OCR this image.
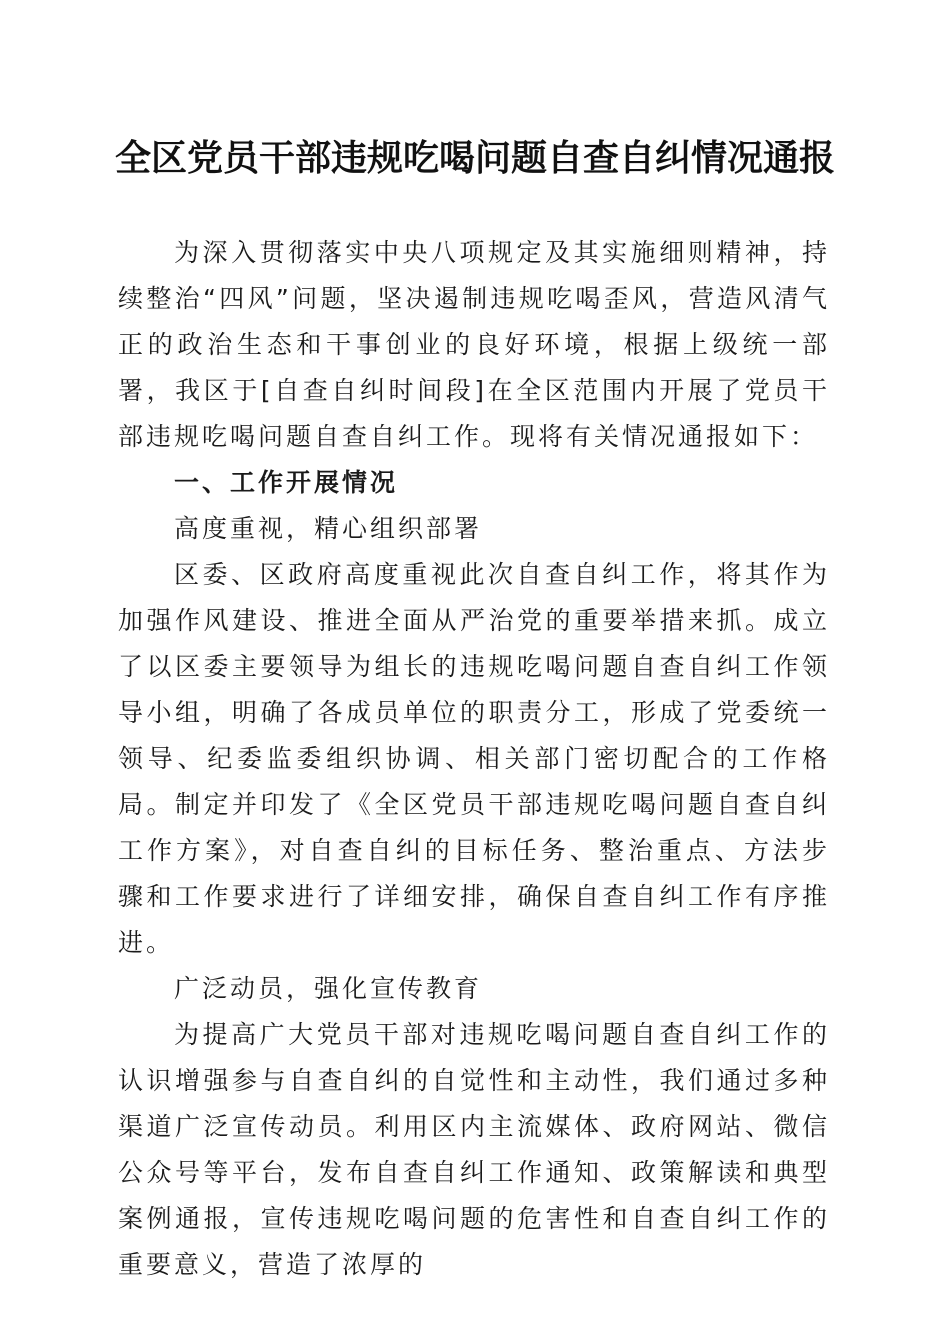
全区党员干部违规吃喝问题自查自纠情况通报

为深入贯彻落实中央八项规定及其实施细则精神，持续整治“四风”问题，坚决遏制违规吃喝歪风，营造风清气正的政治生态和干事创业的良好环境，根据上级统一部署，我区于[自查自纠时间段]在全区范围内开展了党员干部违规吃喝问题自查自纠工作。现将有关情况通报如下：

一、工作开展情况

高度重视，精心组织部署

区委、区政府高度重视此次自查自纠工作，将其作为加强作风建设、推进全面从严治党的重要举措来抓。成立了以区委主要领导为组长的违规吃喝问题自查自纠工作领导小组，明确了各成员单位的职责分工，形成了党委统一领导、纪委监委组织协调、相关部门密切配合的工作格局。制定并印发了《全区党员干部违规吃喝问题自查自纠工作方案》，对自查自纠的目标任务、整治重点、方法步骤和工作要求进行了详细安排，确保自查自纠工作有序推进。

广泛动员，强化宣传教育

为提高广大党员干部对违规吃喝问题自查自纠工作的认识增强参与自查自纠的自觉性和主动性，我们通过多种渠道广泛宣传动员。利用区内主流媒体、政府网站、微信公众号等平台，发布自查自纠工作通知、政策解读和典型案例通报，宣传违规吃喝问题的危害性和自查自纠工作的重要意义，营造了浓厚的
